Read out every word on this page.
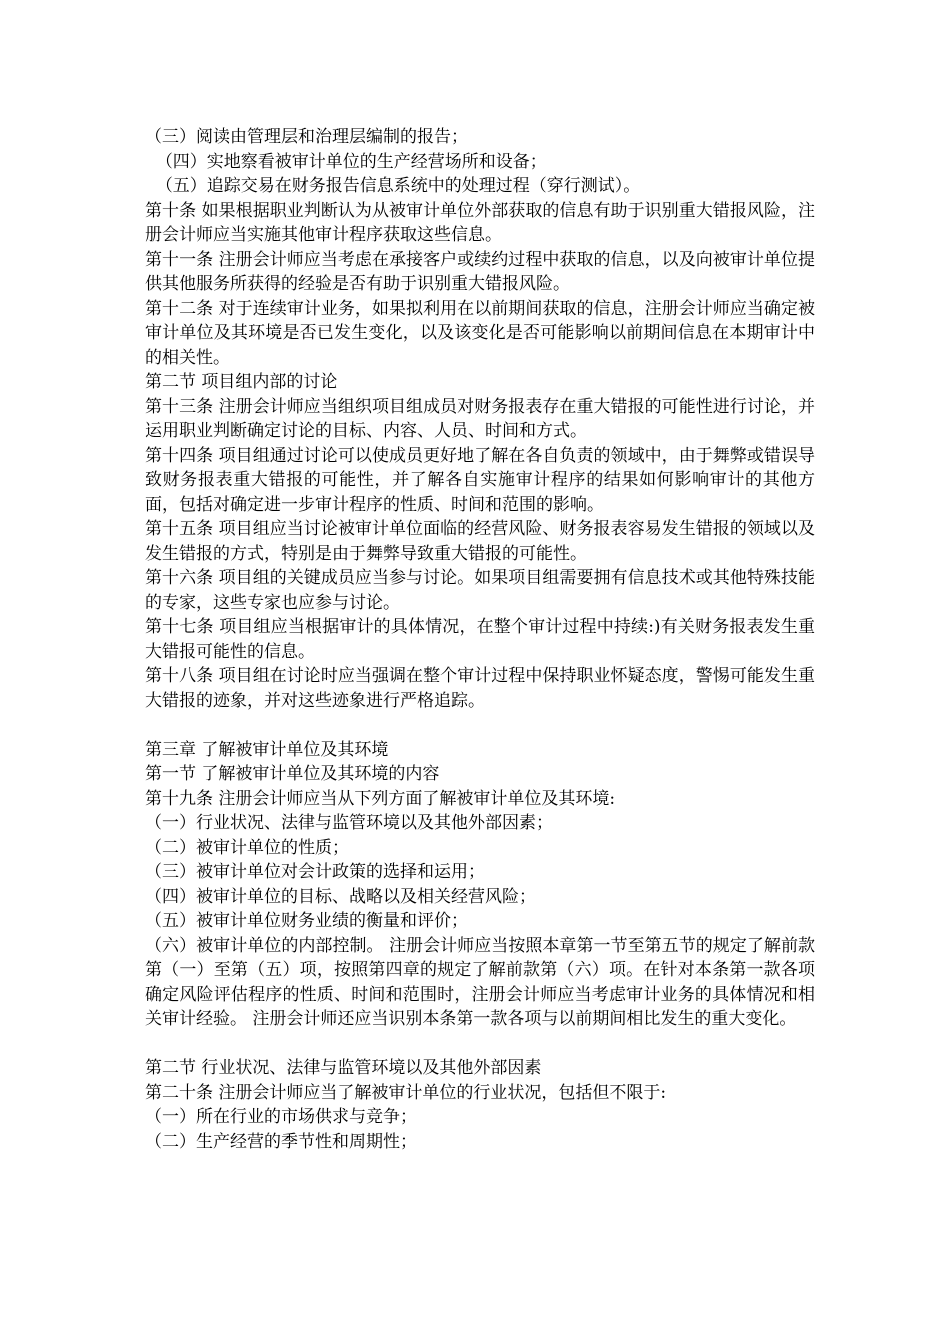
（三）阅读由管理层和治理层编制的报告；
（四）实地察看被审计单位的生产经营场所和设备；
（五）追踪交易在财务报告信息系统中的处理过程（穿行测试）。
第十条 如果根据职业判断认为从被审计单位外部获取的信息有助于识别重大错报风险，注册会计师应当实施其他审计程序获取这些信息。
第十一条 注册会计师应当考虑在承接客户或续约过程中获取的信息，以及向被审计单位提供其他服务所获得的经验是否有助于识别重大错报风险。
第十二条 对于连续审计业务，如果拟利用在以前期间获取的信息，注册会计师应当确定被审计单位及其环境是否已发生变化，以及该变化是否可能影响以前期间信息在本期审计中的相关性。
第二节 项目组内部的讨论
第十三条 注册会计师应当组织项目组成员对财务报表存在重大错报的可能性进行讨论，并运用职业判断确定讨论的目标、内容、人员、时间和方式。
第十四条 项目组通过讨论可以使成员更好地了解在各自负责的领域中，由于舞弊或错误导致财务报表重大错报的可能性，并了解各自实施审计程序的结果如何影响审计的其他方面，包括对确定进一步审计程序的性质、时间和范围的影响。
第十五条 项目组应当讨论被审计单位面临的经营风险、财务报表容易发生错报的领域以及发生错报的方式，特别是由于舞弊导致重大错报的可能性。
第十六条 项目组的关键成员应当参与讨论。如果项目组需要拥有信息技术或其他特殊技能的专家，这些专家也应参与讨论。
第十七条 项目组应当根据审计的具体情况，在整个审计过程中持续:)有关财务报表发生重大错报可能性的信息。
第十八条 项目组在讨论时应当强调在整个审计过程中保持职业怀疑态度，警惕可能发生重大错报的迹象，并对这些迹象进行严格追踪。
第三章 了解被审计单位及其环境
第一节 了解被审计单位及其环境的内容
第十九条 注册会计师应当从下列方面了解被审计单位及其环境:
（一）行业状况、法律与监管环境以及其他外部因素；
（二）被审计单位的性质；
（三）被审计单位对会计政策的选择和运用；
（四）被审计单位的目标、战略以及相关经营风险；
（五）被审计单位财务业绩的衡量和评价；
（六）被审计单位的内部控制。 注册会计师应当按照本章第一节至第五节的规定了解前款第（一）至第（五）项，按照第四章的规定了解前款第（六）项。在针对本条第一款各项确定风险评估程序的性质、时间和范围时，注册会计师应当考虑审计业务的具体情况和相关审计经验。 注册会计师还应当识别本条第一款各项与以前期间相比发生的重大变化。
第二节 行业状况、法律与监管环境以及其他外部因素
第二十条 注册会计师应当了解被审计单位的行业状况，包括但不限于:
（一）所在行业的市场供求与竞争；
（二）生产经营的季节性和周期性；
